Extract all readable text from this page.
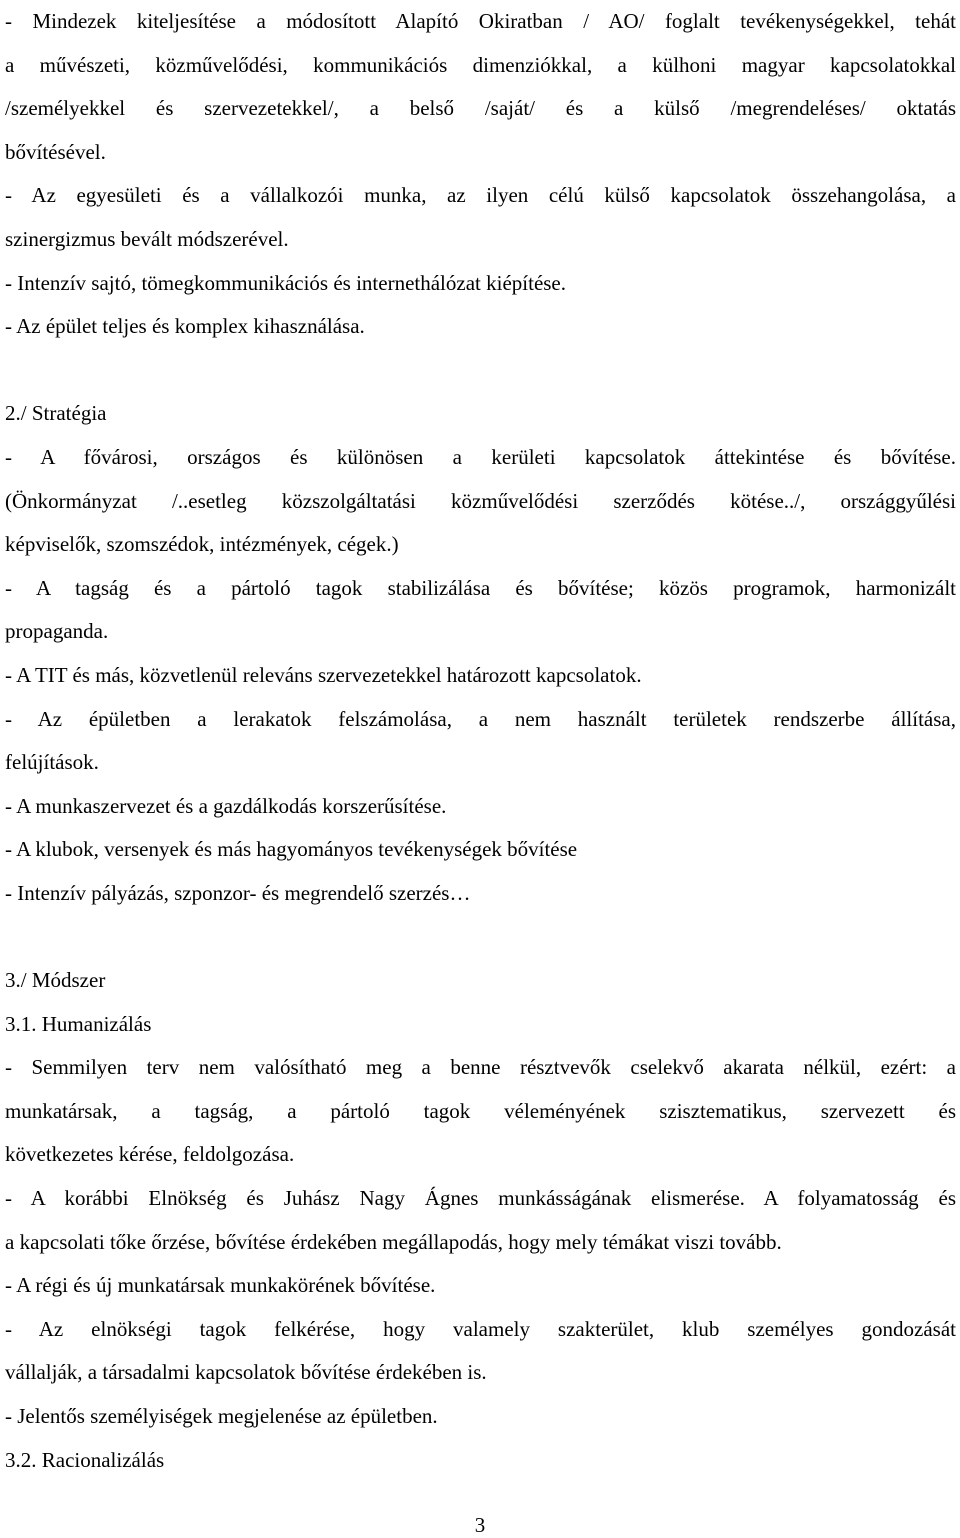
- Mindezek kiteljesítése a módosított Alapító Okiratban / AO/ foglalt tevékenységekkel, tehát
a művészeti, közművelődési, kommunikációs dimenziókkal, a külhoni magyar kapcsolatokkal
/személyekkel és szervezetekkel/, a belső /saját/ és a külső /megrendeléses/ oktatás
bővítésével.
- Az egyesületi és a vállalkozói munka, az ilyen célú külső kapcsolatok összehangolása, a
szinergizmus bevált módszerével.
- Intenzív sajtó, tömegkommunikációs és internethálózat kiépítése.
- Az épület teljes és komplex kihasználása.
2./ Stratégia
- A fővárosi, országos és különösen a kerületi kapcsolatok áttekintése és bővítése.
(Önkormányzat /..esetleg közszolgáltatási közművelődési szerződés kötése../, országgyűlési
képviselők, szomszédok, intézmények, cégek.)
- A tagság és a pártoló tagok stabilizálása és bővítése; közös programok, harmonizált
propaganda.
- A TIT és más, közvetlenül releváns szervezetekkel határozott kapcsolatok.
- Az épületben a lerakatok felszámolása, a nem használt területek rendszerbe állítása,
felújítások.
- A munkaszervezet és a gazdálkodás korszerűsítése.
- A klubok, versenyek és más hagyományos tevékenységek bővítése
- Intenzív pályázás, szponzor- és megrendelő szerzés…
3./ Módszer
3.1. Humanizálás
- Semmilyen terv nem valósítható meg a benne résztvevők cselekvő akarata nélkül, ezért: a
munkatársak, a tagság, a pártoló tagok véleményének szisztematikus, szervezett és
következetes kérése, feldolgozása.
- A korábbi Elnökség és Juhász Nagy Ágnes munkásságának elismerése. A folyamatosság és
a kapcsolati tőke őrzése, bővítése érdekében megállapodás, hogy mely témákat viszi tovább.
- A régi és új munkatársak munkakörének bővítése.
- Az elnökségi tagok felkérése, hogy valamely szakterület, klub személyes gondozását
vállalják, a társadalmi kapcsolatok bővítése érdekében is.
- Jelentős személyiségek megjelenése az épületben.
3.2. Racionalizálás
3
